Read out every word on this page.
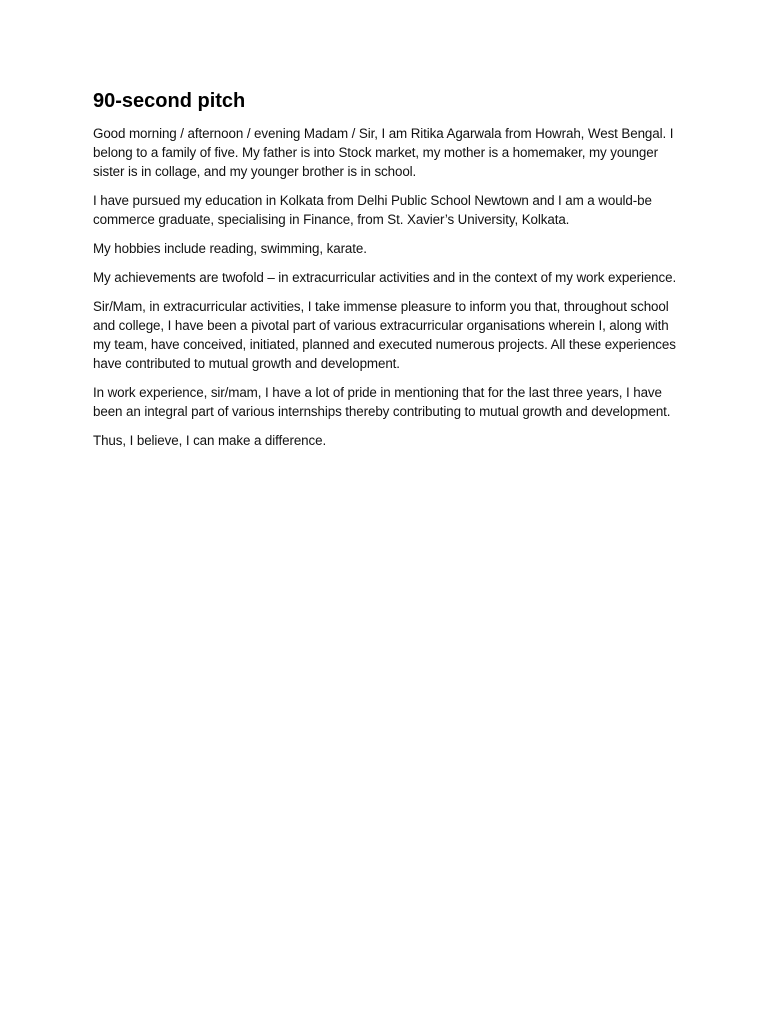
90-second pitch

Good morning / afternoon / evening Madam / Sir, I am Ritika Agarwala from Howrah, West Bengal. I belong to a family of five. My father is into Stock market, my mother is a homemaker, my younger sister is in collage, and my younger brother is in school.

I have pursued my education in Kolkata from Delhi Public School Newtown and I am a would-be commerce graduate, specialising in Finance, from St. Xavier’s University, Kolkata.

My hobbies include reading, swimming, karate.

My achievements are twofold – in extracurricular activities and in the context of my work experience.

Sir/Mam, in extracurricular activities, I take immense pleasure to inform you that, throughout school and college, I have been a pivotal part of various extracurricular organisations wherein I, along with my team, have conceived, initiated, planned and executed numerous projects. All these experiences have contributed to mutual growth and development.

In work experience, sir/mam, I have a lot of pride in mentioning that for the last three years, I have been an integral part of various internships thereby contributing to mutual growth and development.

Thus, I believe, I can make a difference.
